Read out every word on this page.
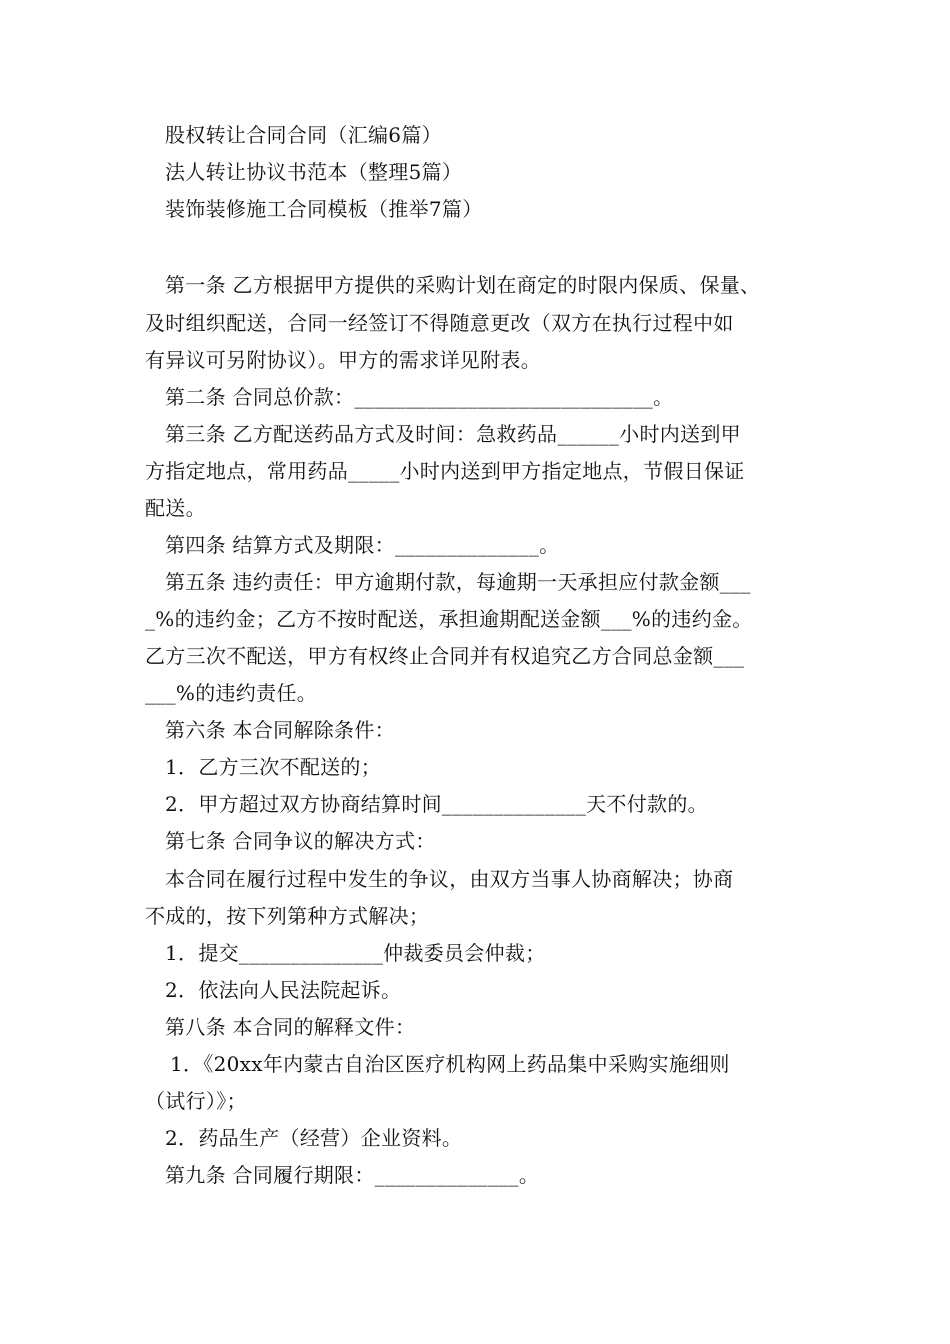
股权转让合同合同（汇编6篇）
法人转让协议书范本（整理5篇）
装饰装修施工合同模板（推举7篇）
第一条 乙方根据甲方提供的采购计划在商定的时限内保质、保量、
及时组织配送，合同一经签订不得随意更改（双方在执行过程中如
有异议可另附协议）。甲方的需求详见附表。
第二条 合同总价款：_____________________________。
第三条 乙方配送药品方式及时间：急救药品______小时内送到甲
方指定地点，常用药品_____小时内送到甲方指定地点，节假日保证
配送。
第四条 结算方式及期限：______________。
第五条 违约责任：甲方逾期付款，每逾期一天承担应付款金额___
_%的违约金；乙方不按时配送，承担逾期配送金额___%的违约金。
乙方三次不配送，甲方有权终止合同并有权追究乙方合同总金额___
___%的违约责任。
第六条 本合同解除条件：
1．乙方三次不配送的；
2．甲方超过双方协商结算时间______________天不付款的。
第七条 合同争议的解决方式：
本合同在履行过程中发生的争议，由双方当事人协商解决；协商
不成的，按下列第种方式解决；
1．提交______________仲裁委员会仲裁；
2．依法向人民法院起诉。
第八条 本合同的解释文件：
1．《20xx年内蒙古自治区医疗机构网上药品集中采购实施细则
（试行）》；
2．药品生产（经营）企业资料。
第九条 合同履行期限：______________。
